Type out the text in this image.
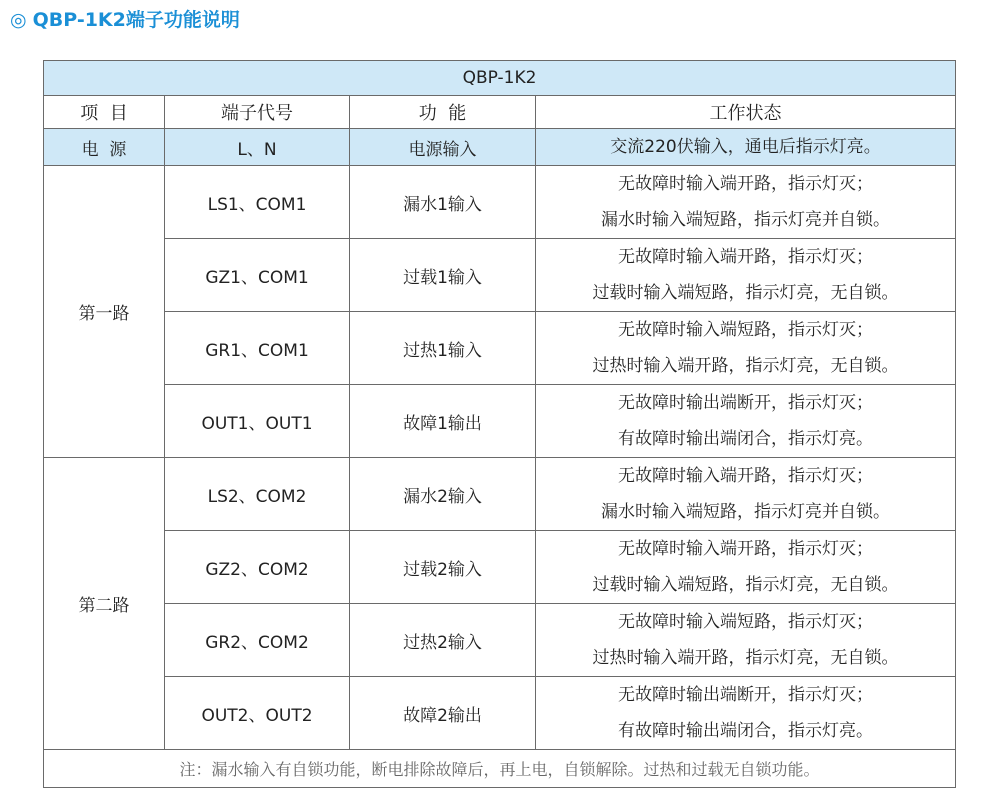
◎ QBP-1K2端子功能说明
QBP-1K2			
项  目	端子代号	功  能	工作状态
电  源	L、N	电源输入	交流220伏输入，通电后指示灯亮。
第一路	LS1、COM1	漏水1输入	无故障时输入端开路，指示灯灭；
漏水时输入端短路，指示灯亮并自锁。

	GZ1、COM1	过载1输入	无故障时输入端开路，指示灯灭；
过载时输入端短路，指示灯亮，无自锁。

	GR1、COM1	过热1输入	无故障时输入端短路，指示灯灭；
过热时输入端开路，指示灯亮，无自锁。

	OUT1、OUT1	故障1输出	无故障时输出端断开，指示灯灭；
有故障时输出端闭合，指示灯亮。

第二路	LS2、COM2	漏水2输入	无故障时输入端开路，指示灯灭；
漏水时输入端短路，指示灯亮并自锁。

	GZ2、COM2	过载2输入	无故障时输入端开路，指示灯灭；
过载时输入端短路，指示灯亮，无自锁。

	GR2、COM2	过热2输入	无故障时输入端短路，指示灯灭；
过热时输入端开路，指示灯亮，无自锁。

	OUT2、OUT2	故障2输出	无故障时输出端断开，指示灯灭；
有故障时输出端闭合，指示灯亮。

注：漏水输入有自锁功能，断电排除故障后，再上电，自锁解除。过热和过载无自锁功能。			
